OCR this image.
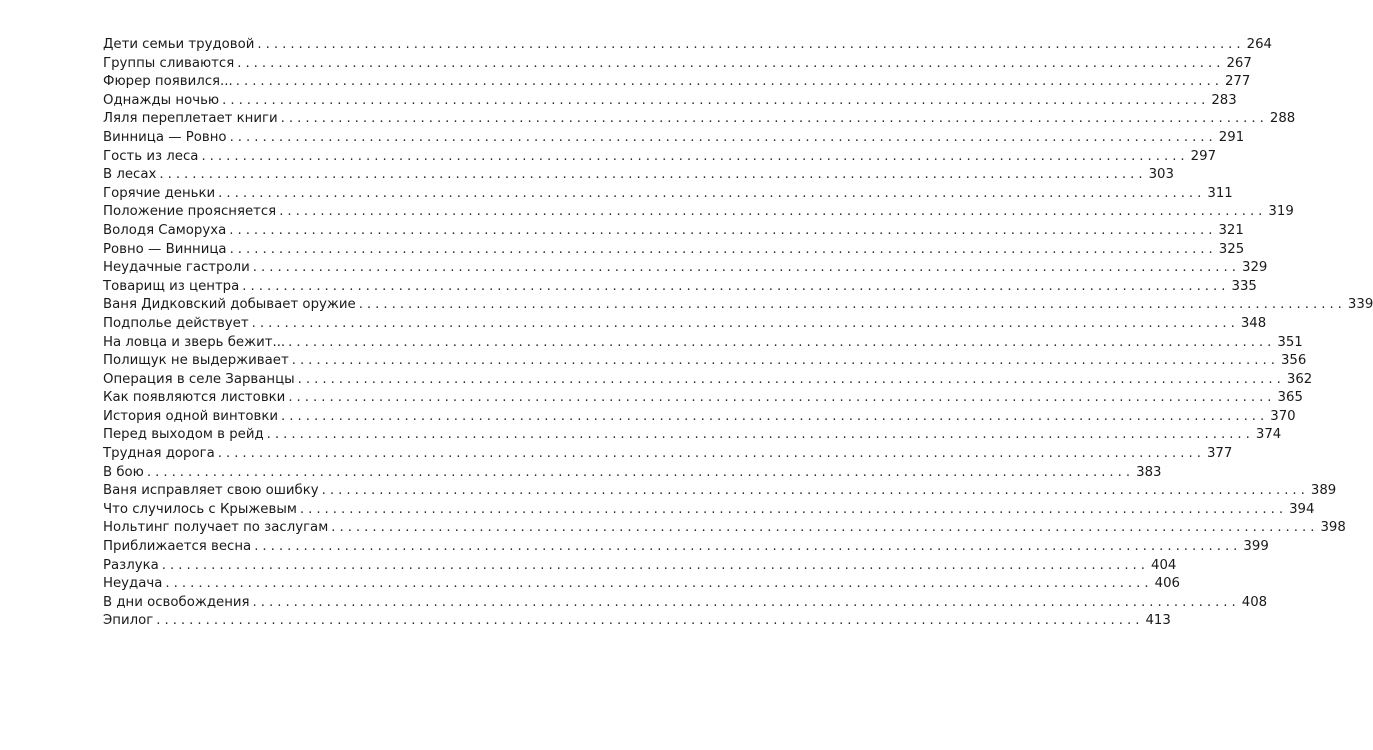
Дети семьи трудовой ........................................................................................................................ 264
Группы сливаются ........................................................................................................................ 267
Фюрер появился... ........................................................................................................................ 277
Однажды ночью ........................................................................................................................ 283
Ляля переплетает книги ........................................................................................................................ 288
Винница — Ровно ........................................................................................................................ 291
Гость из леса ........................................................................................................................ 297
В лесах ........................................................................................................................ 303
Горячие деньки ........................................................................................................................ 311
Положение проясняется ........................................................................................................................ 319
Володя Саморуха ........................................................................................................................ 321
Ровно — Винница ........................................................................................................................ 325
Неудачные гастроли ........................................................................................................................ 329
Товарищ из центра ........................................................................................................................ 335
Ваня Дидковский добывает оружие ........................................................................................................................ 339
Подполье действует ........................................................................................................................ 348
На ловца и зверь бежит... ........................................................................................................................ 351
Полищук не выдерживает ........................................................................................................................ 356
Операция в селе Зарванцы ........................................................................................................................ 362
Как появляются листовки ........................................................................................................................ 365
История одной винтовки ........................................................................................................................ 370
Перед выходом в рейд ........................................................................................................................ 374
Трудная дорога ........................................................................................................................ 377
В бою ........................................................................................................................ 383
Ваня исправляет свою ошибку ........................................................................................................................ 389
Что случилось с Крыжевым ........................................................................................................................ 394
Нольтинг получает по заслугам ........................................................................................................................ 398
Приближается весна ........................................................................................................................ 399
Разлука ........................................................................................................................ 404
Неудача ........................................................................................................................ 406
В дни освобождения ........................................................................................................................ 408
Эпилог ........................................................................................................................ 413
